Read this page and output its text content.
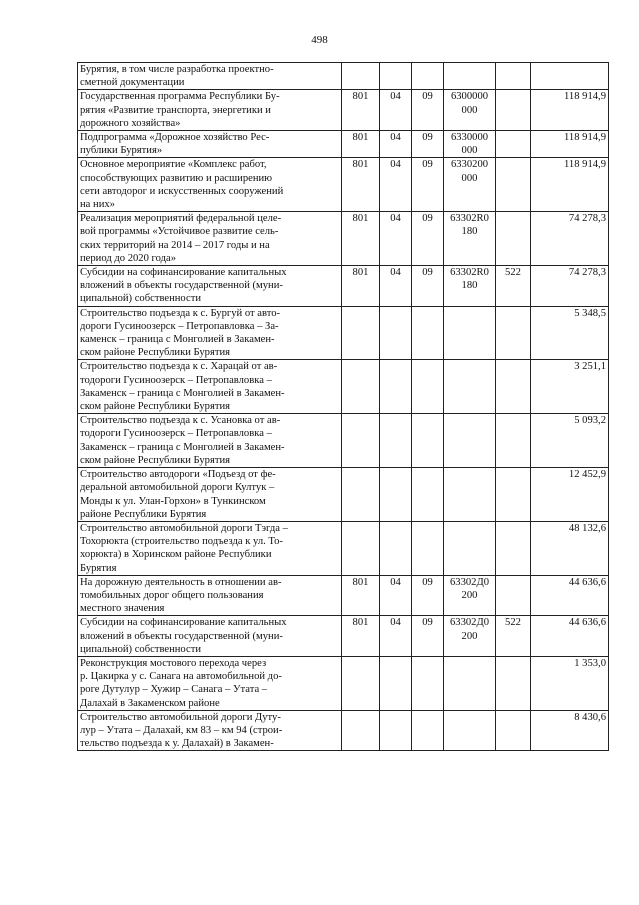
498
Бурятия, в том числе разработка проектно-
сметной документации						
Государственная программа Республики Бу-
рятия «Развитие транспорта, энергетики и
дорожного хозяйства»	801	04	09	6300000
000		118 914,9
Подпрограмма «Дорожное хозяйство Рес-
публики Бурятия»	801	04	09	6330000
000		118 914,9
Основное мероприятие «Комплекс работ,
способствующих развитию и расширению
сети автодорог и искусственных сооружений
на них»	801	04	09	6330200
000		118 914,9
Реализация мероприятий федеральной целе-
вой программы «Устойчивое развитие сель-
ских территорий на 2014 – 2017 годы и на
период до 2020 года»	801	04	09	63302R0
180		74 278,3
Субсидии на софинансирование капитальных
вложений в объекты государственной (муни-
ципальной) собственности	801	04	09	63302R0
180	522	74 278,3
Строительство подъезда к с. Бургуй от авто-
дороги Гусиноозерск – Петропавловка – За-
каменск – граница с Монголией в Закамен-
ском районе Республики Бурятия						5 348,5
Строительство подъезда к с. Харацай от ав-
тодороги Гусиноозерск – Петропавловка –
Закаменск – граница с Монголией в Закамен-
ском районе Республики Бурятия						3 251,1
Строительство подъезда к с. Усановка от ав-
тодороги Гусиноозерск – Петропавловка –
Закаменск – граница с Монголией в Закамен-
ском районе Республики Бурятия						5 093,2
Строительство автодороги «Подъезд от фе-
деральной автомобильной дороги Култук –
Монды к ул. Улан-Горхон» в Тункинском
районе Республики Бурятия						12 452,9
Строительство автомобильной дороги Тэгда –
Тохорюкта (строительство подъезда к ул. То-
хорюкта) в Хоринском районе Республики
Бурятия						48 132,6
На дорожную деятельность в отношении ав-
томобильных дорог общего пользования
местного значения	801	04	09	63302Д0
200		44 636,6
Субсидии на софинансирование капитальных
вложений в объекты государственной (муни-
ципальной) собственности	801	04	09	63302Д0
200	522	44 636,6
Реконструкция мостового перехода через
р. Цакирка у с. Санага на автомобильной до-
роге Дутулур – Хужир – Санага – Утата –
Далахай в Закаменском районе						1 353,0
Строительство автомобильной дороги Дуту-
лур – Утата – Далахай, км 83 – км 94 (строи-
тельство подъезда к у. Далахай) в Закамен-						8 430,6
